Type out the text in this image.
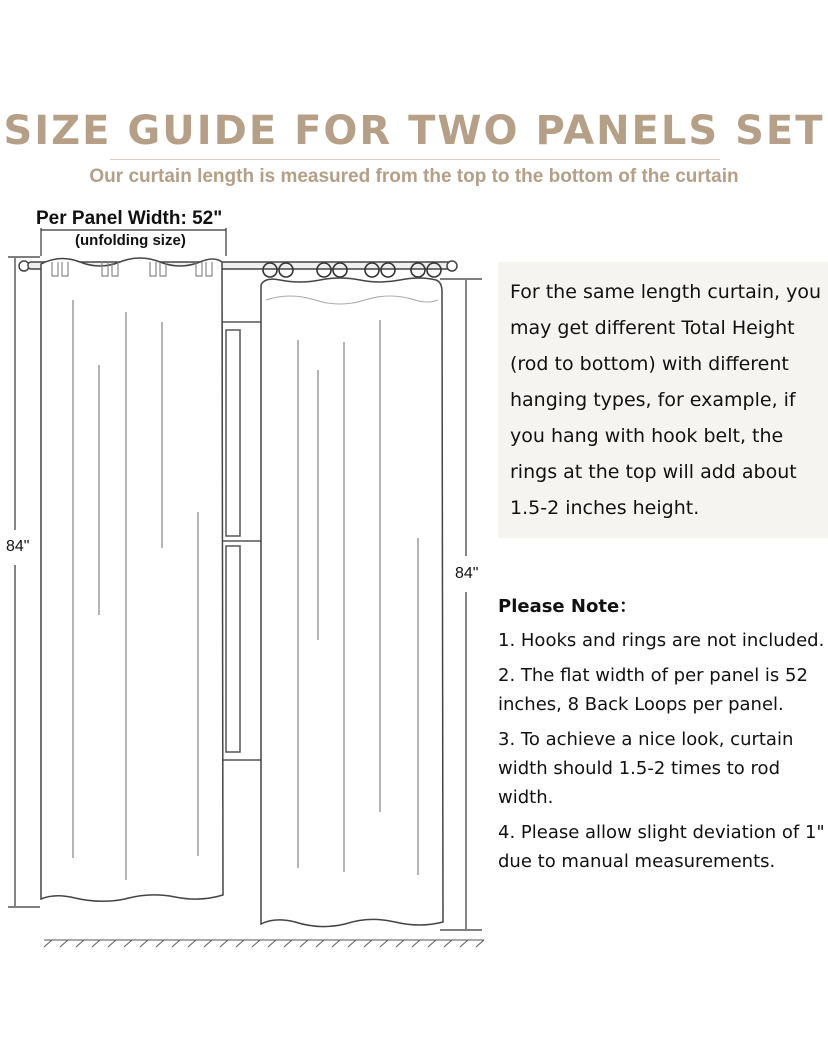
SIZE GUIDE FOR TWO PANELS SET
Our curtain length is measured from the top to the bottom of the curtain
Per Panel Width: 52"
(unfolding size)
84"
84"
For the same length curtain, you may get different Total Height (rod to bottom) with different hanging types, for example, if you hang with hook belt, the rings at the top will add about 1.5-2 inches height.
Please Note：
1. Hooks and rings are not included.
2. The flat width of per panel is 52 inches, 8 Back Loops per panel.
3. To achieve a nice look, curtain width should 1.5-2 times to rod width.
4. Please allow slight deviation of 1" due to manual measurements.
